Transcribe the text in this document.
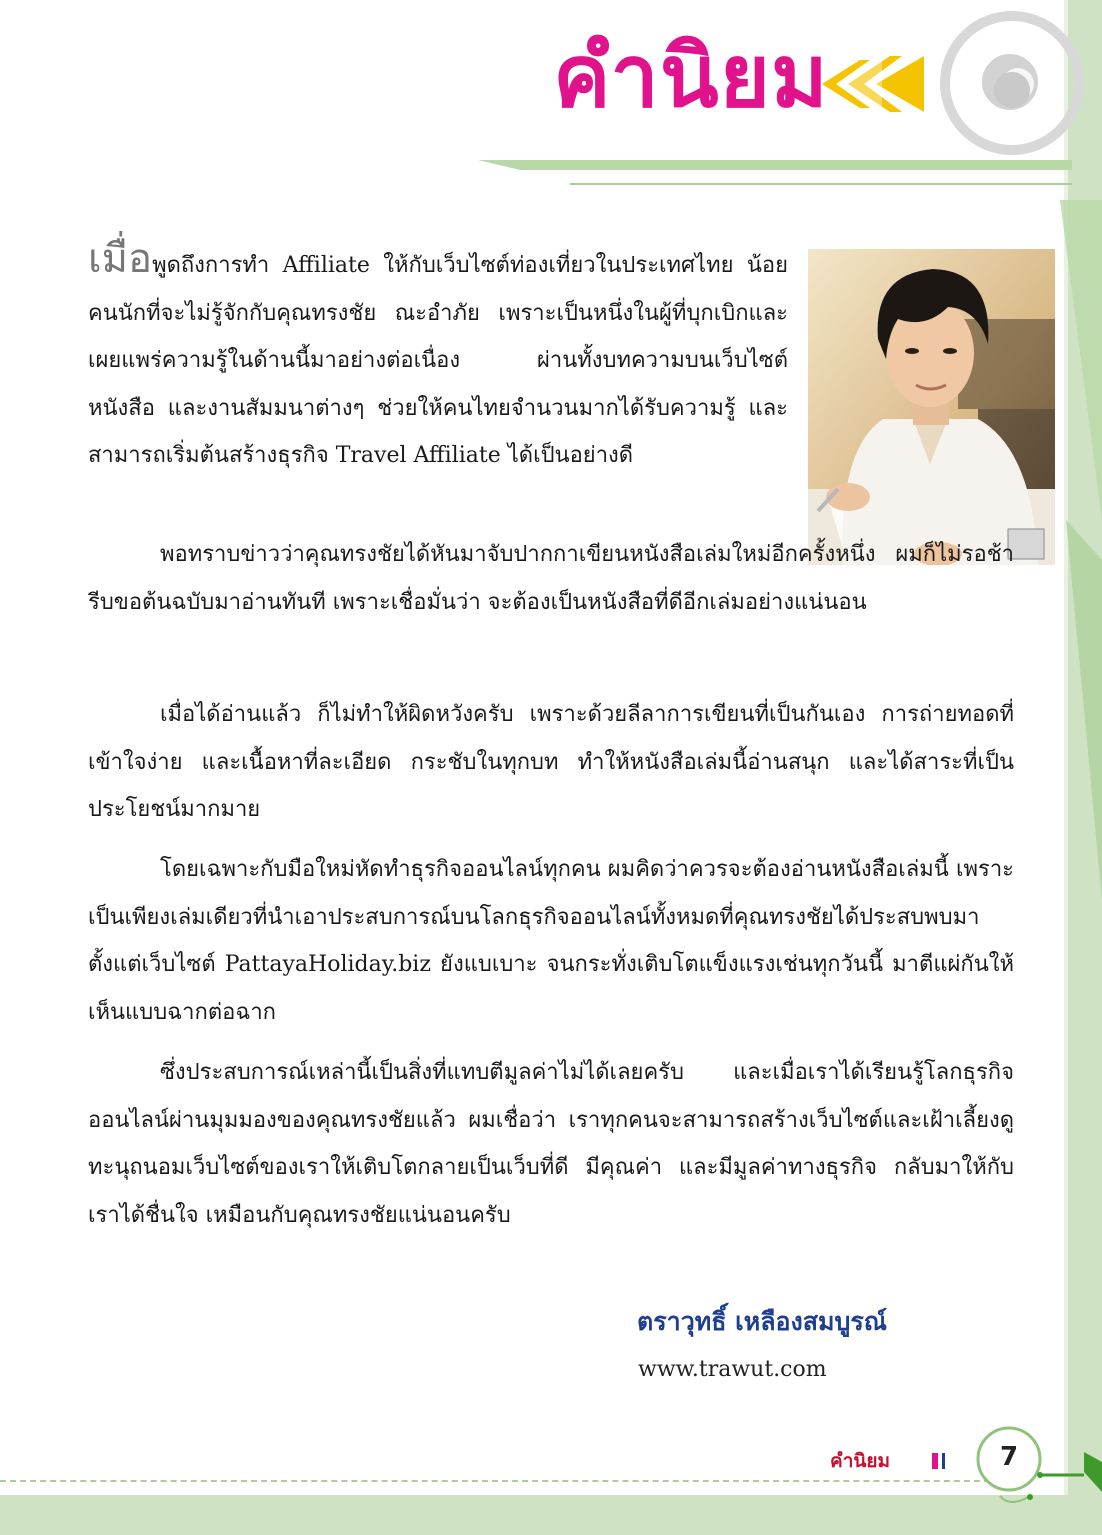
คำนิยม
เมื่อพูดถึงการทำ Affiliate ให้กับเว็บไซต์ท่องเที่ยวในประเทศไทย น้อยคนนักที่จะไม่รู้จักกับคุณทรงชัย ณะอำภัย เพราะเป็นหนึ่งในผู้ที่บุกเบิกและเผยแพร่ความรู้ในด้านนี้มาอย่างต่อเนื่อง ผ่านทั้งบทความบนเว็บไซต์ หนังสือ และงานสัมมนาต่างๆ ช่วยให้คนไทยจำนวนมากได้รับความรู้ และสามารถเริ่มต้นสร้างธุรกิจ Travel Affiliate ได้เป็นอย่างดี
พอทราบข่าวว่าคุณทรงชัยได้หันมาจับปากกาเขียนหนังสือเล่มใหม่อีกครั้งหนึ่ง ผมก็ไม่รอช้า รีบขอต้นฉบับมาอ่านทันที เพราะเชื่อมั่นว่า จะต้องเป็นหนังสือที่ดีอีกเล่มอย่างแน่นอน
เมื่อได้อ่านแล้ว ก็ไม่ทำให้ผิดหวังครับ เพราะด้วยลีลาการเขียนที่เป็นกันเอง การถ่ายทอดที่เข้าใจง่าย และเนื้อหาที่ละเอียด กระชับในทุกบท ทำให้หนังสือเล่มนี้อ่านสนุก และได้สาระที่เป็นประโยชน์มากมาย
โดยเฉพาะกับมือใหม่หัดทำธุรกิจออนไลน์ทุกคน ผมคิดว่าควรจะต้องอ่านหนังสือเล่มนี้ เพราะเป็นเพียงเล่มเดียวที่นำเอาประสบการณ์บนโลกธุรกิจออนไลน์ทั้งหมดที่คุณทรงชัยได้ประสบพบมาตั้งแต่เว็บไซต์ PattayaHoliday.biz ยังแบเบาะ จนกระทั่งเติบโตแข็งแรงเช่นทุกวันนี้ มาตีแผ่กันให้เห็นแบบฉากต่อฉาก
ซึ่งประสบการณ์เหล่านี้เป็นสิ่งที่แทบตีมูลค่าไม่ได้เลยครับ และเมื่อเราได้เรียนรู้โลกธุรกิจออนไลน์ผ่านมุมมองของคุณทรงชัยแล้ว ผมเชื่อว่า เราทุกคนจะสามารถสร้างเว็บไซต์และเฝ้าเลี้ยงดู ทะนุถนอมเว็บไซต์ของเราให้เติบโตกลายเป็นเว็บที่ดี มีคุณค่า และมีมูลค่าทางธุรกิจ กลับมาให้กับเราได้ชื่นใจ เหมือนกับคุณทรงชัยแน่นอนครับ
ตราวุทธิ์ เหลืองสมบูรณ์
www.trawut.com
คำนิยม	7
